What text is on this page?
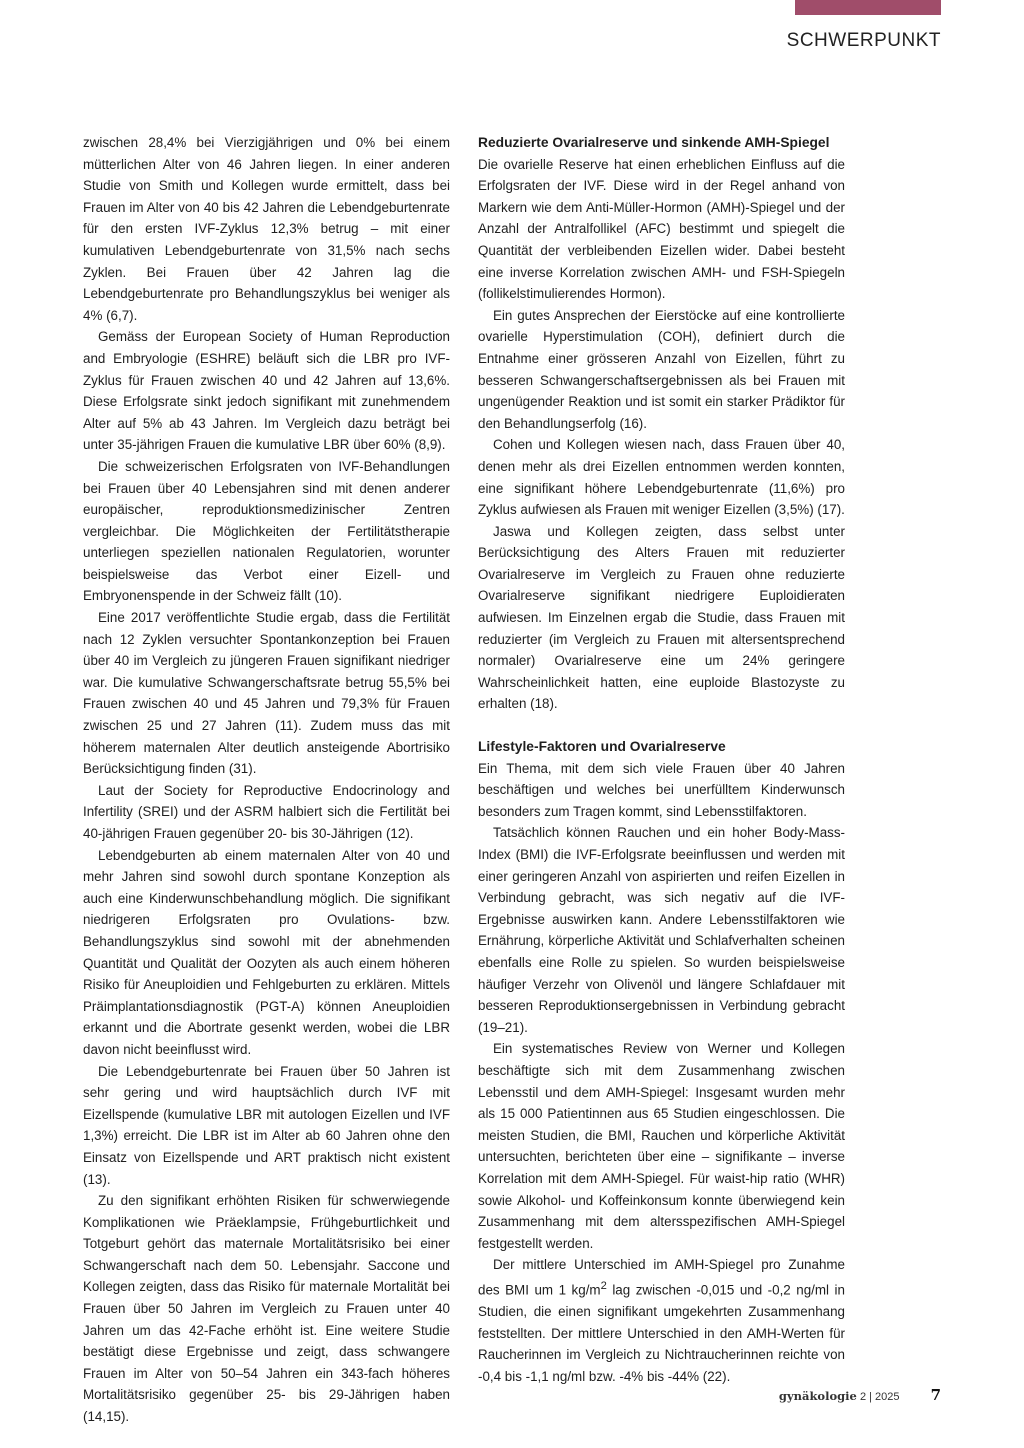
SCHWERPUNKT

zwischen 28,4% bei Vierzigjährigen und 0% bei einem mütterlichen Alter von 46 Jahren liegen. In einer anderen Studie von Smith und Kollegen wurde ermittelt, dass bei Frauen im Alter von 40 bis 42 Jahren die Lebendgeburtenrate für den ersten IVF-Zyklus 12,3% betrug – mit einer kumulativen Lebendgeburtenrate von 31,5% nach sechs Zyklen. Bei Frauen über 42 Jahren lag die Lebendgeburtenrate pro Behandlungszyklus bei weniger als 4% (6,7).

Gemäss der European Society of Human Reproduction and Embryologie (ESHRE) beläuft sich die LBR pro IVF-Zyklus für Frauen zwischen 40 und 42 Jahren auf 13,6%. Diese Erfolgsrate sinkt jedoch signifikant mit zunehmendem Alter auf 5% ab 43 Jahren. Im Vergleich dazu beträgt bei unter 35-jährigen Frauen die kumulative LBR über 60% (8,9).

Die schweizerischen Erfolgsraten von IVF-Behandlungen bei Frauen über 40 Lebensjahren sind mit denen anderer europäischer, reproduktionsmedizinischer Zentren vergleichbar. Die Möglichkeiten der Fertilitätstherapie unterliegen speziellen nationalen Regulatorien, worunter beispielsweise das Verbot einer Eizell- und Embryonenspende in der Schweiz fällt (10).

Eine 2017 veröffentlichte Studie ergab, dass die Fertilität nach 12 Zyklen versuchter Spontankonzeption bei Frauen über 40 im Vergleich zu jüngeren Frauen signifikant niedriger war. Die kumulative Schwangerschaftsrate betrug 55,5% bei Frauen zwischen 40 und 45 Jahren und 79,3% für Frauen zwischen 25 und 27 Jahren (11). Zudem muss das mit höherem maternalen Alter deutlich ansteigende Abortrisiko Berücksichtigung finden (31).

Laut der Society for Reproductive Endocrinology and Infertility (SREI) und der ASRM halbiert sich die Fertilität bei 40-jährigen Frauen gegenüber 20- bis 30-Jährigen (12).

Lebendgeburten ab einem maternalen Alter von 40 und mehr Jahren sind sowohl durch spontane Konzeption als auch eine Kinderwunschbehandlung möglich. Die signifikant niedrigeren Erfolgsraten pro Ovulations- bzw. Behandlungszyklus sind sowohl mit der abnehmenden Quantität und Qualität der Oozyten als auch einem höheren Risiko für Aneuploidien und Fehlgeburten zu erklären. Mittels Präimplantationsdiagnostik (PGT-A) können Aneuploidien erkannt und die Abortrate gesenkt werden, wobei die LBR davon nicht beeinflusst wird.

Die Lebendgeburtenrate bei Frauen über 50 Jahren ist sehr gering und wird hauptsächlich durch IVF mit Eizellspende (kumulative LBR mit autologen Eizellen und IVF 1,3%) erreicht. Die LBR ist im Alter ab 60 Jahren ohne den Einsatz von Eizellspende und ART praktisch nicht existent (13).

Zu den signifikant erhöhten Risiken für schwerwiegende Komplikationen wie Präeklampsie, Frühgeburtlichkeit und Totgeburt gehört das maternale Mortalitätsrisiko bei einer Schwangerschaft nach dem 50. Lebensjahr. Saccone und Kollegen zeigten, dass das Risiko für maternale Mortalität bei Frauen über 50 Jahren im Vergleich zu Frauen unter 40 Jahren um das 42-Fache erhöht ist. Eine weitere Studie bestätigt diese Ergebnisse und zeigt, dass schwangere Frauen im Alter von 50–54 Jahren ein 343-fach höheres Mortalitätsrisiko gegenüber 25- bis 29-Jährigen haben (14,15).

Reduzierte Ovarialreserve und sinkende AMH-Spiegel

Die ovarielle Reserve hat einen erheblichen Einfluss auf die Erfolgsraten der IVF. Diese wird in der Regel anhand von Markern wie dem Anti-Müller-Hormon (AMH)-Spiegel und der Anzahl der Antralfollikel (AFC) bestimmt und spiegelt die Quantität der verbleibenden Eizellen wider. Dabei besteht eine inverse Korrelation zwischen AMH- und FSH-Spiegeln (follikelstimulierendes Hormon).

Ein gutes Ansprechen der Eierstöcke auf eine kontrollierte ovarielle Hyperstimulation (COH), definiert durch die Entnahme einer grösseren Anzahl von Eizellen, führt zu besseren Schwangerschaftsergebnissen als bei Frauen mit ungenügender Reaktion und ist somit ein starker Prädiktor für den Behandlungserfolg (16).

Cohen und Kollegen wiesen nach, dass Frauen über 40, denen mehr als drei Eizellen entnommen werden konnten, eine signifikant höhere Lebendgeburtenrate (11,6%) pro Zyklus aufwiesen als Frauen mit weniger Eizellen (3,5%) (17).

Jaswa und Kollegen zeigten, dass selbst unter Berücksichtigung des Alters Frauen mit reduzierter Ovarialreserve im Vergleich zu Frauen ohne reduzierte Ovarialreserve signifikant niedrigere Euploidieraten aufwiesen. Im Einzelnen ergab die Studie, dass Frauen mit reduzierter (im Vergleich zu Frauen mit altersentsprechend normaler) Ovarialreserve eine um 24% geringere Wahrscheinlichkeit hatten, eine euploide Blastozyste zu erhalten (18).

Lifestyle-Faktoren und Ovarialreserve

Ein Thema, mit dem sich viele Frauen über 40 Jahren beschäftigen und welches bei unerfülltem Kinderwunsch besonders zum Tragen kommt, sind Lebensstilfaktoren.

Tatsächlich können Rauchen und ein hoher Body-Mass-Index (BMI) die IVF-Erfolgsrate beeinflussen und werden mit einer geringeren Anzahl von aspirierten und reifen Eizellen in Verbindung gebracht, was sich negativ auf die IVF-Ergebnisse auswirken kann. Andere Lebensstilfaktoren wie Ernährung, körperliche Aktivität und Schlafverhalten scheinen ebenfalls eine Rolle zu spielen. So wurden beispielsweise häufiger Verzehr von Olivenöl und längere Schlafdauer mit besseren Reproduktionsergebnissen in Verbindung gebracht (19–21).

Ein systematisches Review von Werner und Kollegen beschäftigte sich mit dem Zusammenhang zwischen Lebensstil und dem AMH-Spiegel: Insgesamt wurden mehr als 15 000 Patientinnen aus 65 Studien eingeschlossen. Die meisten Studien, die BMI, Rauchen und körperliche Aktivität untersuchten, berichteten über eine – signifikante – inverse Korrelation mit dem AMH-Spiegel. Für waist-hip ratio (WHR) sowie Alkohol- und Koffeinkonsum konnte überwiegend kein Zusammenhang mit dem altersspezifischen AMH-Spiegel festgestellt werden.

Der mittlere Unterschied im AMH-Spiegel pro Zunahme des BMI um 1 $kg/m^2$ lag zwischen -0,015 und -0,2 ng/ml in Studien, die einen signifikant umgekehrten Zusammenhang feststellten. Der mittlere Unterschied in den AMH-Werten für Raucherinnen im Vergleich zu Nichtraucherinnen reichte von -0,4 bis -1,1 ng/ml bzw. -4% bis -44% (22).

gynäkologie 2 | 2025 7
